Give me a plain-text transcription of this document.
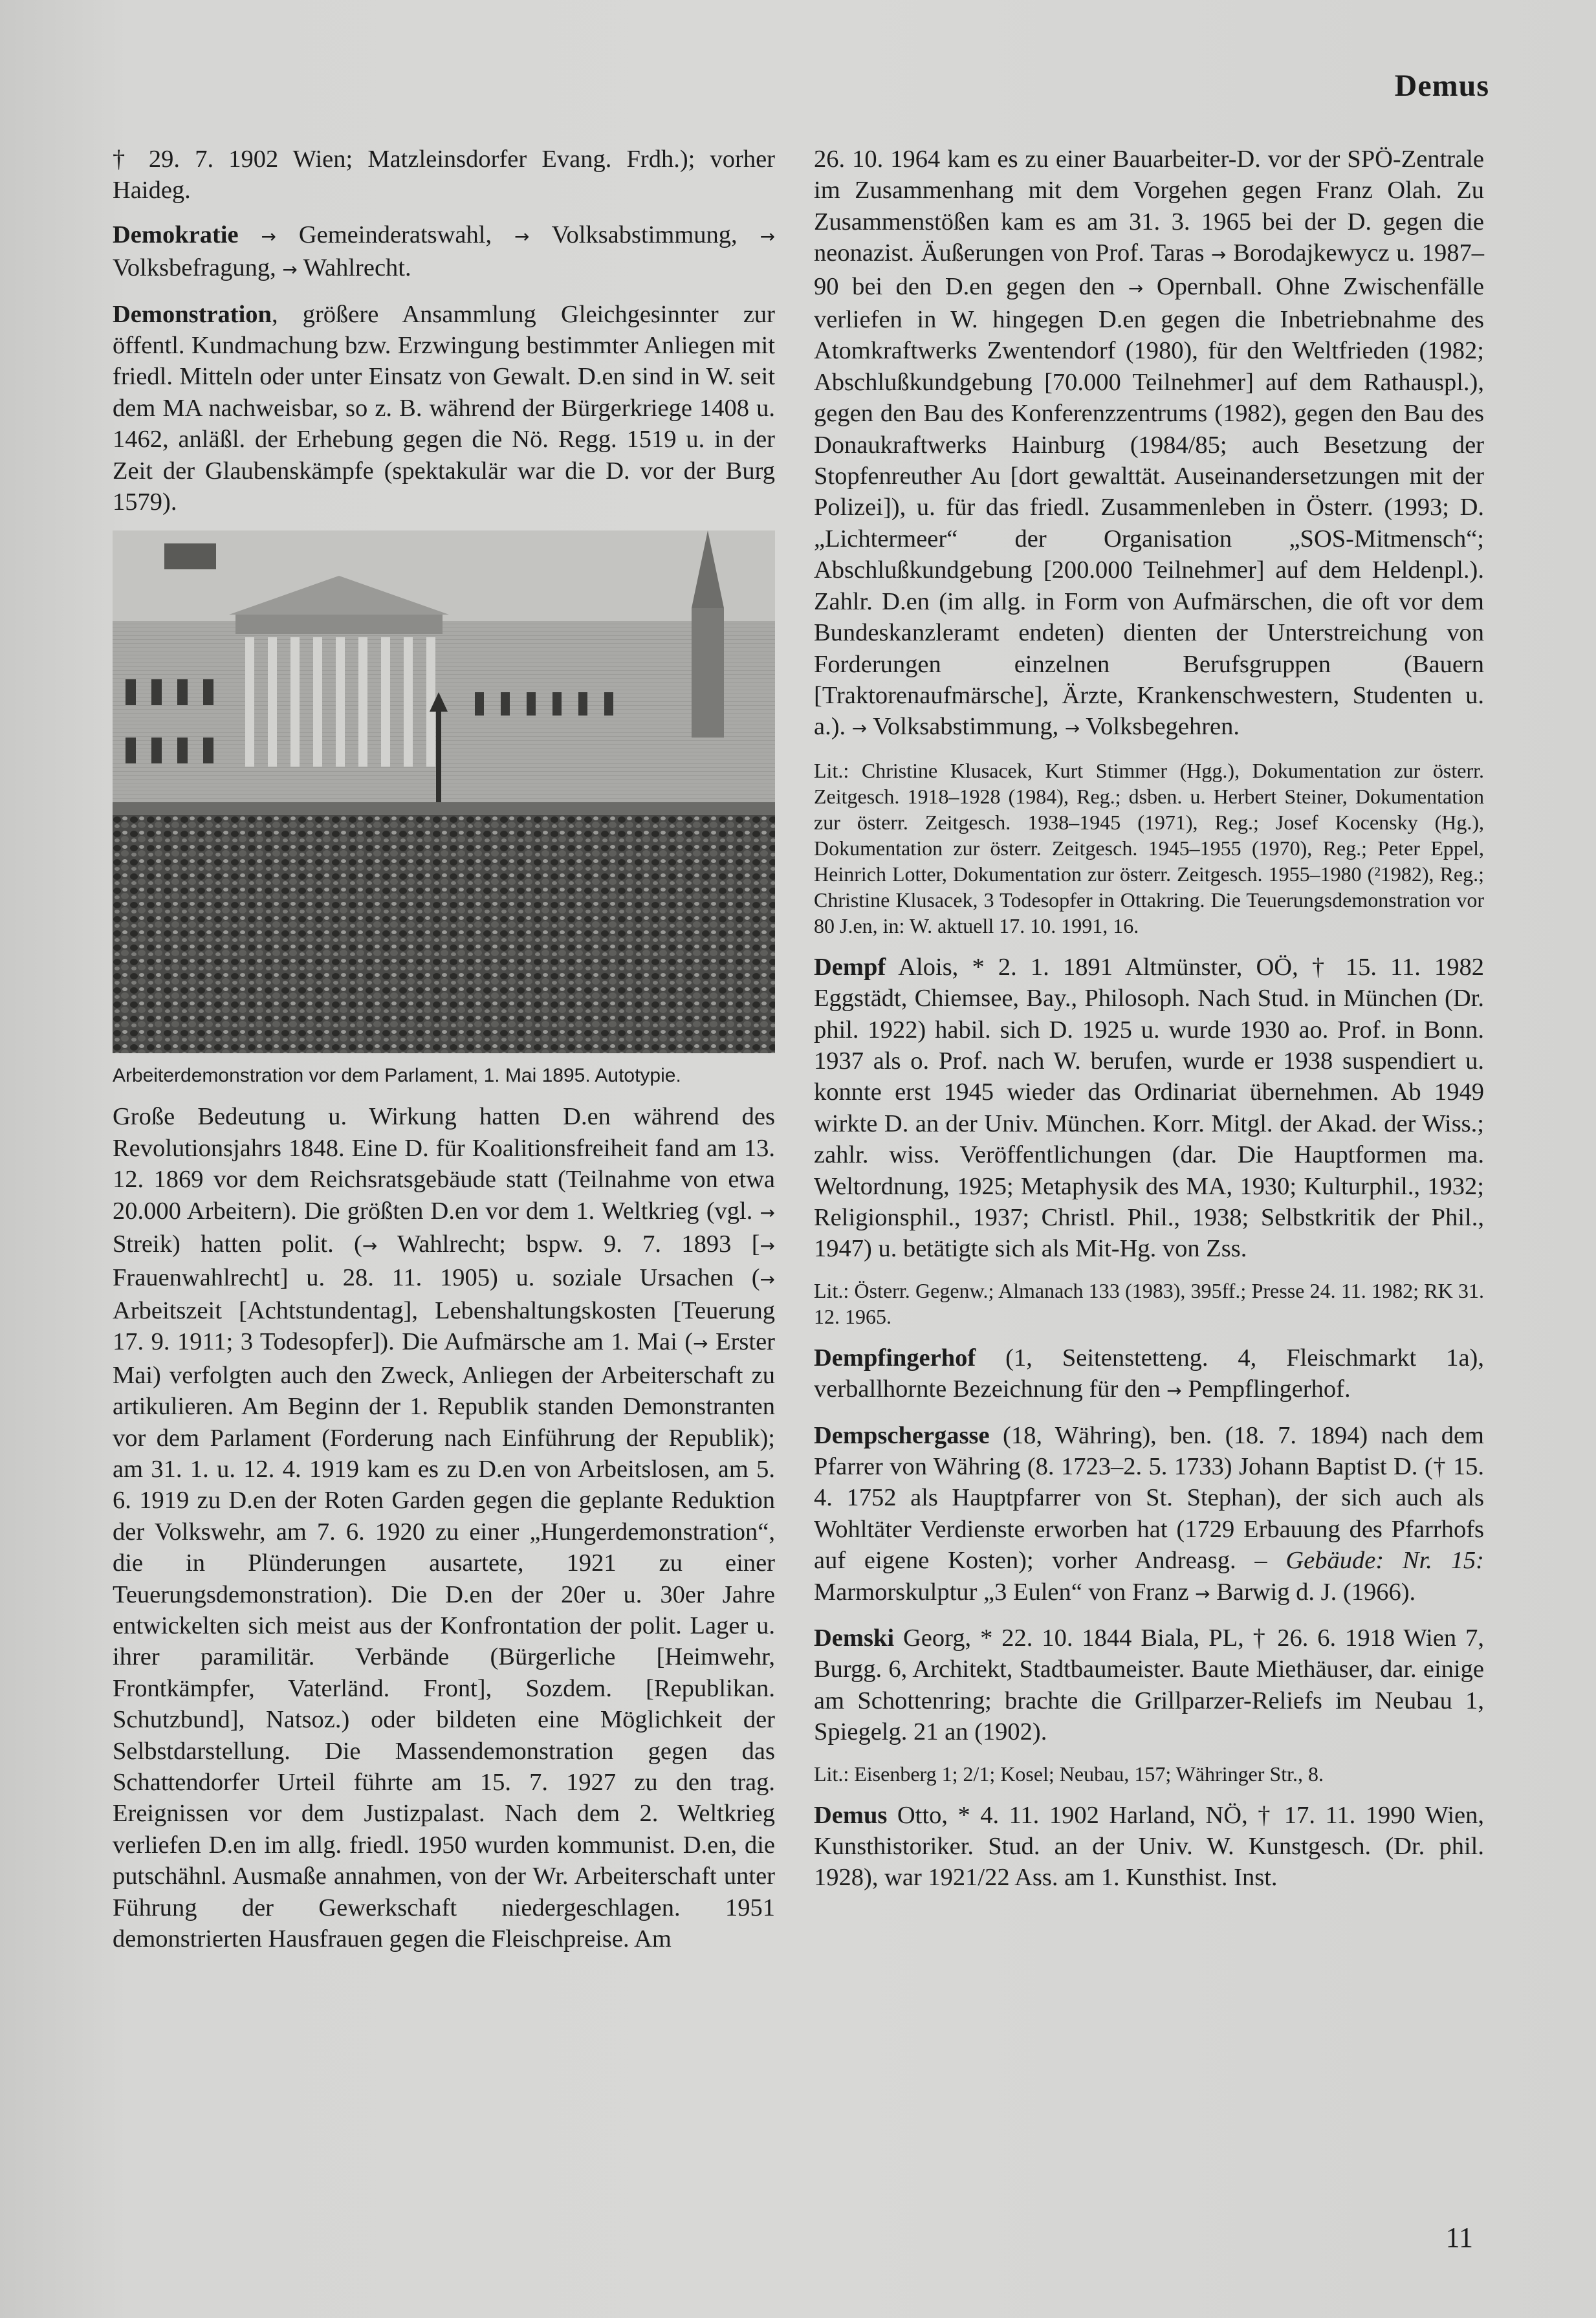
Demus

† 29. 7. 1902 Wien; Matzleinsdorfer Evang. Frdh.); vorher Haideg.

Demokratie → Gemeinderatswahl, → Volksabstimmung, → Volksbefragung, → Wahlrecht.

Demonstration, größere Ansammlung Gleichgesinnter zur öffentl. Kundmachung bzw. Erzwingung bestimmter Anliegen mit friedl. Mitteln oder unter Einsatz von Gewalt. D.en sind in W. seit dem MA nachweisbar, so z. B. während der Bürgerkriege 1408 u. 1462, anläßl. der Erhebung gegen die Nö. Regg. 1519 u. in der Zeit der Glaubenskämpfe (spektakulär war die D. vor der Burg 1579).

Arbeiterdemonstration vor dem Parlament, 1. Mai 1895. Autotypie.

Große Bedeutung u. Wirkung hatten D.en während des Revolutionsjahrs 1848. Eine D. für Koalitionsfreiheit fand am 13. 12. 1869 vor dem Reichsratsgebäude statt (Teilnahme von etwa 20.000 Arbeitern). Die größten D.en vor dem 1. Weltkrieg (vgl. → Streik) hatten polit. (→ Wahlrecht; bspw. 9. 7. 1893 [→ Frauenwahlrecht] u. 28. 11. 1905) u. soziale Ursachen (→ Arbeitszeit [Achtstundentag], Lebenshaltungskosten [Teuerung 17. 9. 1911; 3 Todesopfer]). Die Aufmärsche am 1. Mai (→ Erster Mai) verfolgten auch den Zweck, Anliegen der Arbeiterschaft zu artikulieren. Am Beginn der 1. Republik standen Demonstranten vor dem Parlament (Forderung nach Einführung der Republik); am 31. 1. u. 12. 4. 1919 kam es zu D.en von Arbeitslosen, am 5. 6. 1919 zu D.en der Roten Garden gegen die geplante Reduktion der Volkswehr, am 7. 6. 1920 zu einer „Hungerdemonstration“, die in Plünderungen ausartete, 1921 zu einer Teuerungsdemonstration). Die D.en der 20er u. 30er Jahre entwickelten sich meist aus der Konfrontation der polit. Lager u. ihrer paramilitär. Verbände (Bürgerliche [Heimwehr, Frontkämpfer, Vaterländ. Front], Sozdem. [Republikan. Schutzbund], Natsoz.) oder bildeten eine Möglichkeit der Selbstdarstellung. Die Massendemonstration gegen das Schattendorfer Urteil führte am 15. 7. 1927 zu den trag. Ereignissen vor dem Justizpalast. Nach dem 2. Weltkrieg verliefen D.en im allg. friedl. 1950 wurden kommunist. D.en, die putschähnl. Ausmaße annahmen, von der Wr. Arbeiterschaft unter Führung der Gewerkschaft niedergeschlagen. 1951 demonstrierten Hausfrauen gegen die Fleischpreise. Am

26. 10. 1964 kam es zu einer Bauarbeiter-D. vor der SPÖ-Zentrale im Zusammenhang mit dem Vorgehen gegen Franz Olah. Zu Zusammenstößen kam es am 31. 3. 1965 bei der D. gegen die neonazist. Äußerungen von Prof. Taras → Borodajkewycz u. 1987–90 bei den D.en gegen den → Opernball. Ohne Zwischenfälle verliefen in W. hingegen D.en gegen die Inbetriebnahme des Atomkraftwerks Zwentendorf (1980), für den Weltfrieden (1982; Abschlußkundgebung [70.000 Teilnehmer] auf dem Rathauspl.), gegen den Bau des Konferenzzentrums (1982), gegen den Bau des Donaukraftwerks Hainburg (1984/85; auch Besetzung der Stopfenreuther Au [dort gewalttät. Auseinandersetzungen mit der Polizei]), u. für das friedl. Zusammenleben in Österr. (1993; D. „Lichtermeer“ der Organisation „SOS-Mitmensch“; Abschlußkundgebung [200.000 Teilnehmer] auf dem Heldenpl.). Zahlr. D.en (im allg. in Form von Aufmärschen, die oft vor dem Bundeskanzleramt endeten) dienten der Unterstreichung von Forderungen einzelnen Berufsgruppen (Bauern [Traktorenaufmärsche], Ärzte, Krankenschwestern, Studenten u. a.). → Volksabstimmung, → Volksbegehren.

Lit.: Christine Klusacek, Kurt Stimmer (Hgg.), Dokumentation zur österr. Zeitgesch. 1918–1928 (1984), Reg.; dsben. u. Herbert Steiner, Dokumentation zur österr. Zeitgesch. 1938–1945 (1971), Reg.; Josef Kocensky (Hg.), Dokumentation zur österr. Zeitgesch. 1945–1955 (1970), Reg.; Peter Eppel, Heinrich Lotter, Dokumentation zur österr. Zeitgesch. 1955–1980 (²1982), Reg.; Christine Klusacek, 3 Todesopfer in Ottakring. Die Teuerungsdemonstration vor 80 J.en, in: W. aktuell 17. 10. 1991, 16.

Dempf Alois, * 2. 1. 1891 Altmünster, OÖ, † 15. 11. 1982 Eggstädt, Chiemsee, Bay., Philosoph. Nach Stud. in München (Dr. phil. 1922) habil. sich D. 1925 u. wurde 1930 ao. Prof. in Bonn. 1937 als o. Prof. nach W. berufen, wurde er 1938 suspendiert u. konnte erst 1945 wieder das Ordinariat übernehmen. Ab 1949 wirkte D. an der Univ. München. Korr. Mitgl. der Akad. der Wiss.; zahlr. wiss. Veröffentlichungen (dar. Die Hauptformen ma. Weltordnung, 1925; Metaphysik des MA, 1930; Kulturphil., 1932; Religionsphil., 1937; Christl. Phil., 1938; Selbstkritik der Phil., 1947) u. betätigte sich als Mit-Hg. von Zss.

Lit.: Österr. Gegenw.; Almanach 133 (1983), 395ff.; Presse 24. 11. 1982; RK 31. 12. 1965.

Dempfingerhof (1, Seitenstetteng. 4, Fleischmarkt 1a), verballhornte Bezeichnung für den → Pempflingerhof.

Dempschergasse (18, Währing), ben. (18. 7. 1894) nach dem Pfarrer von Währing (8. 1723–2. 5. 1733) Johann Baptist D. († 15. 4. 1752 als Hauptpfarrer von St. Stephan), der sich auch als Wohltäter Verdienste erworben hat (1729 Erbauung des Pfarrhofs auf eigene Kosten); vorher Andreasg. – Gebäude: Nr. 15: Marmorskulptur „3 Eulen“ von Franz → Barwig d. J. (1966).

Demski Georg, * 22. 10. 1844 Biala, PL, † 26. 6. 1918 Wien 7, Burgg. 6, Architekt, Stadtbaumeister. Baute Miethäuser, dar. einige am Schottenring; brachte die Grillparzer-Reliefs im Neubau 1, Spiegelg. 21 an (1902).

Lit.: Eisenberg 1; 2/1; Kosel; Neubau, 157; Währinger Str., 8.

Demus Otto, * 4. 11. 1902 Harland, NÖ, † 17. 11. 1990 Wien, Kunsthistoriker. Stud. an der Univ. W. Kunstgesch. (Dr. phil. 1928), war 1921/22 Ass. am 1. Kunsthist. Inst.

11
